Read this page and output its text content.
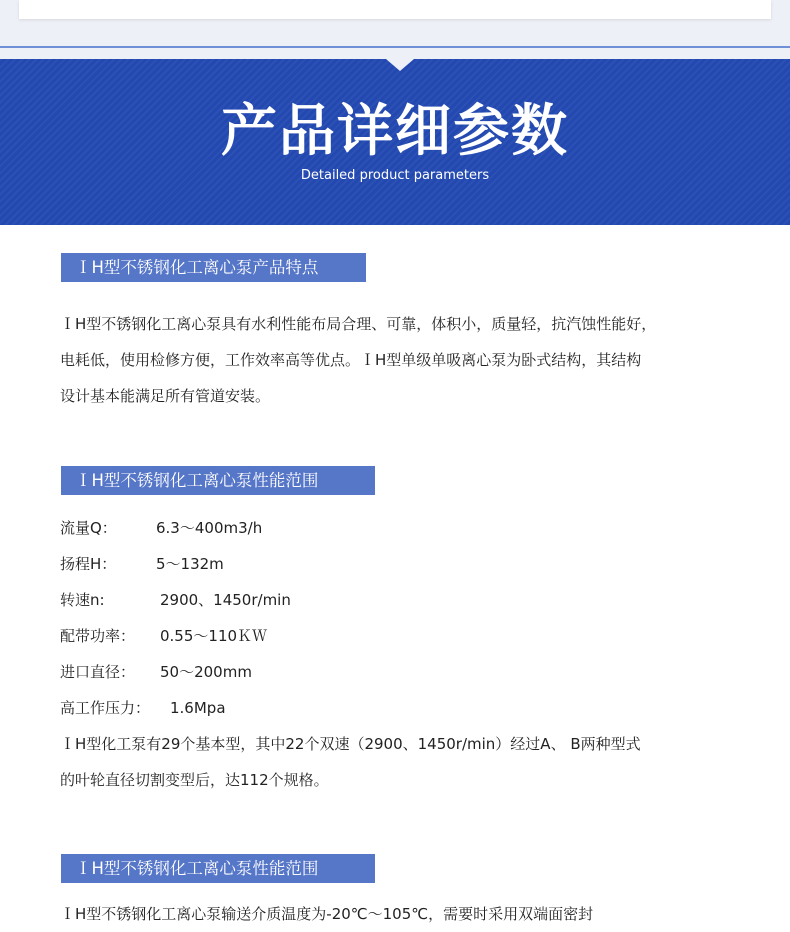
产品详细参数
Detailed product parameters
ＩH型不锈钢化工离心泵产品特点
ＩH型不锈钢化工离心泵具有水利性能布局合理、可靠，体积小，质量轻，抗汽蚀性能好，
电耗低，使用检修方便，工作效率高等优点。ＩH型单级单吸离心泵为卧式结构，其结构
设计基本能满足所有管道安装。
ＩH型不锈钢化工离心泵性能范围
流量Q：	6.3～400m3/h
扬程H：	5～132m
转速n:	2900、1450r/min
配带功率： 0.55～110ＫＷ
进口直径： 50～200mm
高工作压力： 1.6Mpa
ＩH型化工泵有29个基本型，其中22个双速（2900、1450r/min）经过A、 B两种型式
的叶轮直径切割变型后，达112个规格。
ＩH型不锈钢化工离心泵性能范围
ＩH型不锈钢化工离心泵输送介质温度为-20℃～105℃，需要时采用双端面密封
